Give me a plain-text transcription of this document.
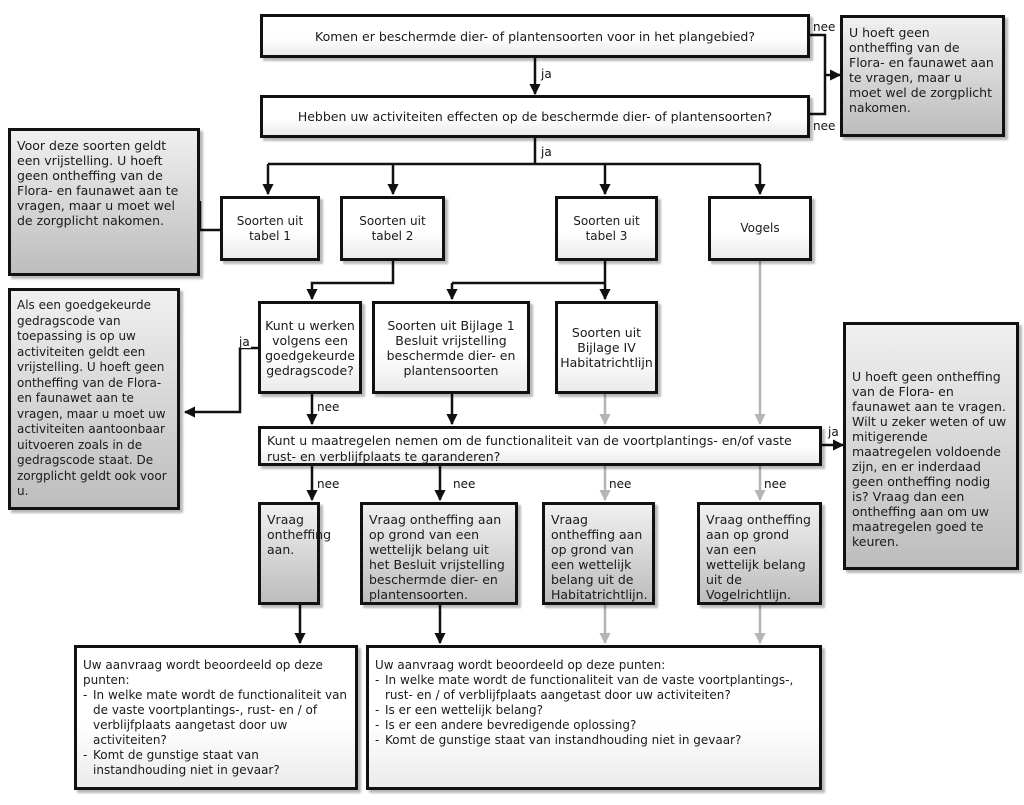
ja
nee
nee
ja
ja
nee
ja
nee	nee	nee	nee
Komen er beschermde dier- of plantensoorten voor in het plangebied?
Hebben uw activiteiten effecten op de beschermde dier- of plantensoorten?
U hoeft geen ontheffing van de Flora- en faunawet aan te vragen, maar u moet wel de zorgplicht nakomen.
Voor deze soorten geldt een vrijstelling. U hoeft geen ontheffing van de Flora- en faunawet aan te vragen, maar u moet wel de zorgplicht nakomen.	Soorten uit tabel 1
Soorten uit tabel 2
Soorten uit tabel 3
Vogels
Als een goedgekeurde gedragscode van toepassing is op uw activiteiten geldt een vrijstelling. U hoeft geen ontheffing van de Flora- en faunawet aan te vragen, maar u moet uw activiteiten aantoonbaar uitvoeren zoals in de gedragscode staat. De zorgplicht geldt ook voor u.
Kunt u werken volgens een goedgekeurde gedragscode?
Soorten uit Bijlage 1 Besluit vrijstelling beschermde dier- en plantensoorten
Soorten uit Bijlage IV Habitatrichtlijn
U hoeft geen ontheffing van de Flora- en faunawet aan te vragen. Wilt u zeker weten of uw mitigerende maatregelen voldoende zijn, en er inderdaad geen ontheffing nodig is? Vraag dan een ontheffing aan om uw maatregelen goed te keuren.
Kunt u maatregelen nemen om de functionaliteit van de voortplantings- en/of vaste rust- en verblijfplaats te garanderen?
Vraag ontheffing aan.
Vraag ontheffing aan op grond van een wettelijk belang uit het Besluit vrijstelling beschermde dier- en plantensoorten.
Vraag ontheffing aan op grond van een wettelijk belang uit de Habitatrichtlijn.
Vraag ontheffing aan op grond van een wettelijk belang uit de Vogelrichtlijn.
Uw aanvraag wordt beoordeeld op deze punten:
- In welke mate wordt de functionaliteit van de vaste voortplantings-, rust- en / of verblijfplaats aangetast door uw activiteiten?
- Komt de gunstige staat van instandhouding niet in gevaar?
Uw aanvraag wordt beoordeeld op deze punten:
- In welke mate wordt de functionaliteit van de vaste voortplantings-, rust- en / of verblijfplaats aangetast door uw activiteiten?
- Is er een wettelijk belang?
- Is er een andere bevredigende oplossing?
- Komt de gunstige staat van instandhouding niet in gevaar?
